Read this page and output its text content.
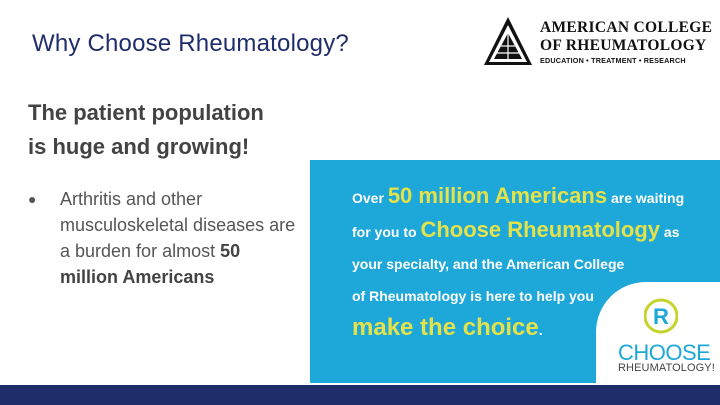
Why Choose Rheumatology?
AMERICAN COLLEGE
OF RHEUMATOLOGY
EDUCATION • TREATMENT • RESEARCH
The patient population
is huge and growing!
●	Arthritis and other musculoskeletal diseases are a burden for almost 50 million Americans
Over 50 million Americans are waiting
for you to Choose Rheumatology as
your specialty, and the American College
of Rheumatology is here to help you
make the choice.
R
CHOOSE
RHEUMATOLOGY!
